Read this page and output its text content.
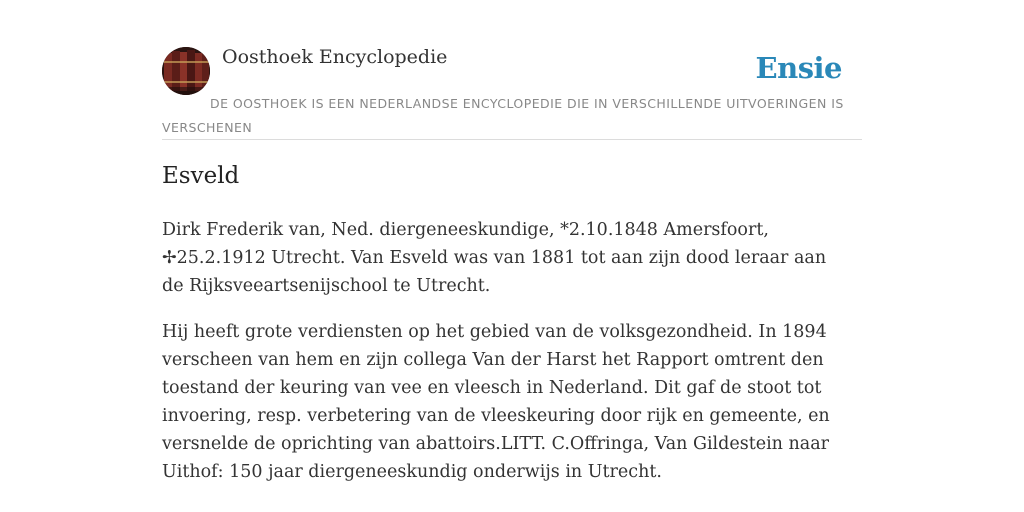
Oosthoek Encyclopedie	Ensie
DE OOSTHOEK IS EEN NEDERLANDSE ENCYCLOPEDIE DIE IN VERSCHILLENDE UITVOERINGEN IS VERSCHENEN
Esveld

Dirk Frederik van, Ned. diergeneeskundige, *2.10.1848 Amersfoort, ✢25.2.1912 Utrecht. Van Esveld was van 1881 tot aan zijn dood leraar aan de Rijksveeartsenijschool te Utrecht.

Hij heeft grote verdiensten op het gebied van de volksgezondheid. In 1894 verscheen van hem en zijn collega Van der Harst het Rapport omtrent den toestand der keuring van vee en vleesch in Nederland. Dit gaf de stoot tot invoering, resp. verbetering van de vleeskeuring door rijk en gemeente, en versnelde de oprichting van abattoirs.LITT. C.Offringa, Van Gildestein naar Uithof: 150 jaar diergeneeskundig onderwijs in Utrecht.
